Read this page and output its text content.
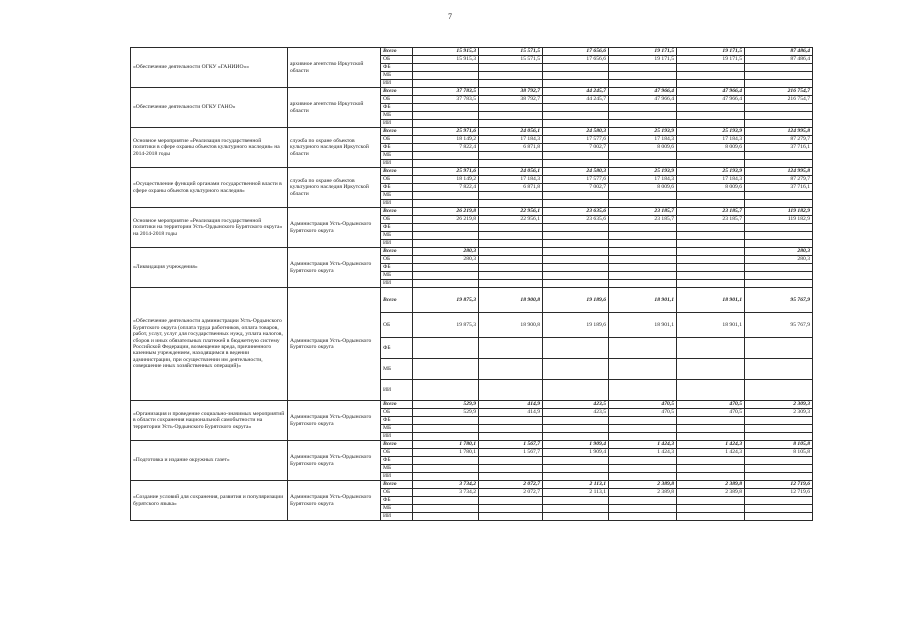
7
«Обеспечение деятельности ОГКУ «ГАНИИО»»	архивное агентство Иркутской области	Всего	15 915,3	15 571,5	17 656,6	19 171,5	19 171,5	87 486,4
		ОБ	15 915,3	15 571,5	17 656,6	19 171,5	19 171,5	87 486,4
		ФБ						
		МБ						
		ИИ						
«Обеспечение деятельности ОГКУ ГАНО»	архивное агентство Иркутской области	Всего	37 783,5	38 792,7	44 245,7	47 966,4	47 966,4	216 754,7
		ОБ	37 783,5	38 792,7	44 245,7	47 966,4	47 966,4	216 754,7
		ФБ						
		МБ						
		ИИ						
Основное мероприятие «Реализация государственной политики в сфере охраны объектов культурного наследия» на 2014-2018 годы	служба по охране объектов культурного наследия Иркутской области	Всего	25 971,6	24 056,1	24 580,3	25 193,9	25 193,9	124 995,8
		ОБ	18 149,2	17 184,3	17 577,6	17 184,3	17 184,3	87 279,7
		ФБ	7 822,4	6 871,8	7 002,7	8 009,6	8 009,6	37 716,1
		МБ						
		ИИ						
«Осуществление функций органами государственной власти в сфере охраны объектов культурного наследия»	служба по охране объектов культурного наследия Иркутской области	Всего	25 971,6	24 056,1	24 580,3	25 193,9	25 193,9	124 995,8
		ОБ	18 149,2	17 184,3	17 577,6	17 184,3	17 184,3	87 279,7
		ФБ	7 822,4	6 871,8	7 002,7	8 009,6	8 009,6	37 716,1
		МБ						
		ИИ						
Основное мероприятие «Реализация государственной политики на территории Усть-Ордынского Бурятского округа» на 2014-2018 годы	Администрация Усть-Ордынского Бурятского округа	Всего	26 219,8	22 956,1	23 635,6	23 185,7	23 185,7	119 182,9
		ОБ	26 219,8	22 956,1	23 635,6	23 185,7	23 185,7	119 182,9
		ФБ						
		МБ						
		ИИ						
«Ликвидация учреждения»	Администрация Усть-Ордынского Бурятского округа	Всего	280,3					280,3
		ОБ	280,3					280,3
		ФБ						
		МБ						
		ИИ						
«Обеспечение деятельности администрации Усть-Ордынского Бурятского округа (оплата труда работников, оплата товаров, работ, услуг, услуг для государственных нужд, уплата налогов, сборов и иных обязательных платежей в бюджетную систему Российской Федерации, возмещение вреда, причиненного казенным учреждением, находящимся в ведении администрации, при осуществлении им деятельности, совершение иных хозяйственных операций)»	Администрация Усть-Ордынского Бурятского округа	Всего	19 875,3	18 900,8	19 189,6	18 901,1	18 901,1	95 767,9
		ОБ	19 875,3	18 900,8	19 189,6	18 901,1	18 901,1	95 767,9
		ФБ						
		МБ						
		ИИ						
«Организация и проведение социально-значимых мероприятий в области сохранения национальной самобытности на территории Усть-Ордынского Бурятского округа»	Администрация Усть-Ордынского Бурятского округа	Всего	529,9	414,9	423,5	470,5	470,5	2 309,3
		ОБ	529,9	414,9	423,5	470,5	470,5	2 309,3
		ФБ						
		МБ						
		ИИ						
«Подготовка и издание окружных газет»	Администрация Усть-Ордынского Бурятского округа	Всего	1 780,1	1 567,7	1 909,4	1 424,3	1 424,3	8 105,8
		ОБ	1 780,1	1 567,7	1 909,4	1 424,3	1 424,3	8 105,8
		ФБ						
		МБ						
		ИИ						
«Создание условий для сохранения, развития и популяризации бурятского языка»	Администрация Усть-Ордынского Бурятского округа	Всего	3 734,2	2 072,7	2 113,1	2 389,8	2 389,8	12 719,6
		ОБ	3 734,2	2 072,7	2 113,1	2 389,8	2 389,8	12 719,6
		ФБ						
		МБ						
		ИИ						
